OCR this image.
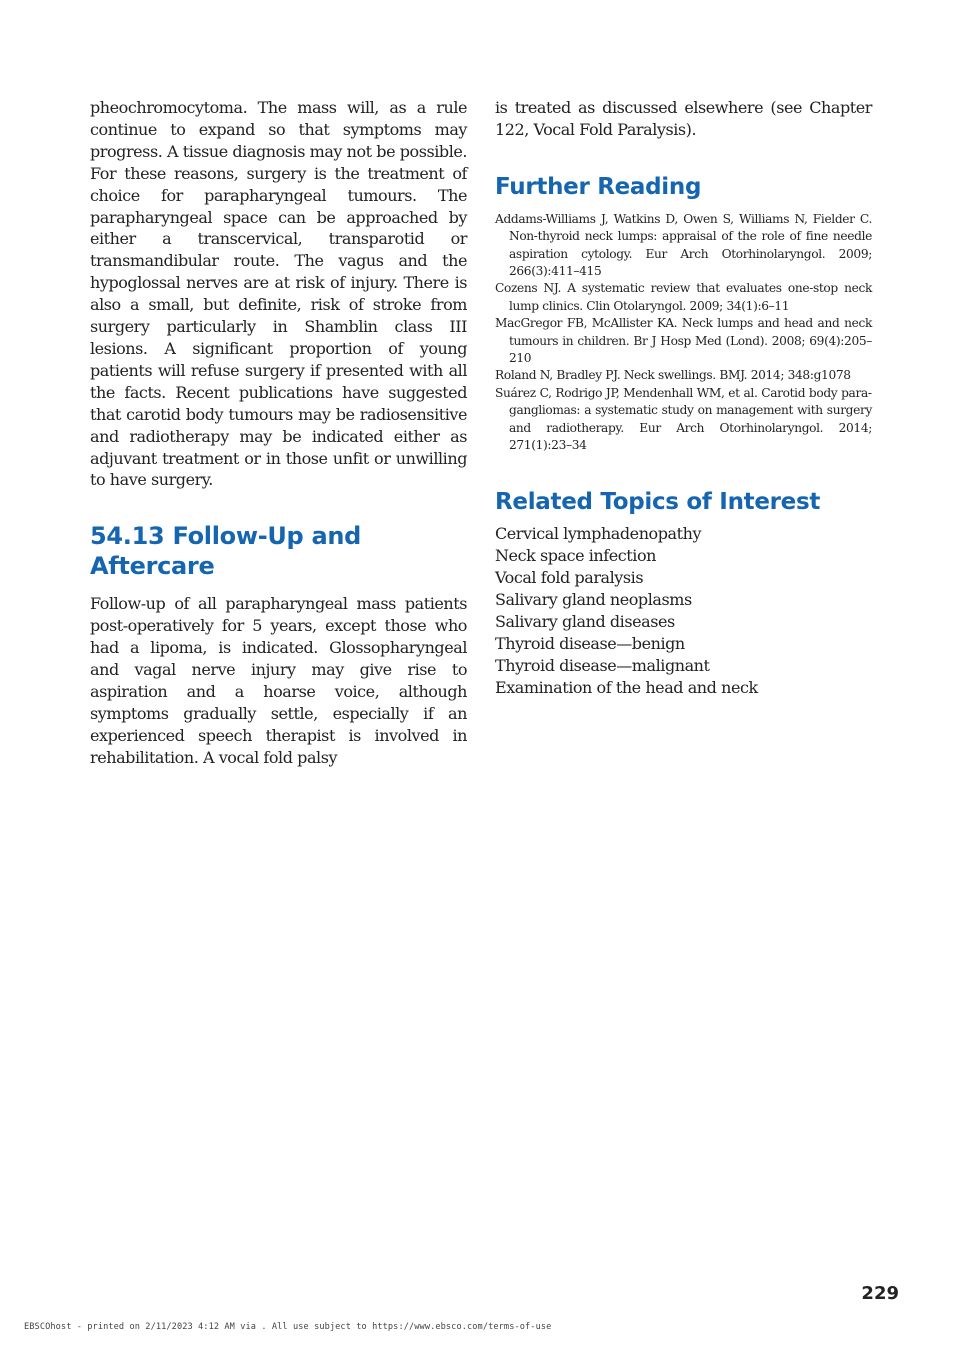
pheochromocytoma. The mass will, as a rule continue to expand so that symptoms may progress. A tissue diagnosis may not be possible. For these reasons, surgery is the treatment of choice for parapharyngeal tumours. The parapharyngeal space can be approached by either a transcervical, transparotid or transmandibular route. The vagus and the hypoglossal nerves are at risk of injury. There is also a small, but definite, risk of stroke from surgery particularly in Shamblin class III lesions. A significant proportion of young patients will refuse surgery if presented with all the facts. Recent publications have suggested that carotid body tumours may be radiosensitive and radiotherapy may be indicated either as adjuvant treatment or in those unfit or unwilling to have surgery.

54.13 Follow-Up and Aftercare

Follow-up of all parapharyngeal mass patients post-operatively for 5 years, except those who had a lipoma, is indicated. Glossopharyngeal and vagal nerve injury may give rise to aspiration and a hoarse voice, although symptoms gradually settle, especially if an experienced speech therapist is involved in rehabilitation. A vocal fold palsy

is treated as discussed elsewhere (see Chapter 122, Vocal Fold Paralysis).

Further Reading
Addams-Williams J, Watkins D, Owen S, Williams N, Fielder C. Non-thyroid neck lumps: appraisal of the role of fine needle aspiration cytology. Eur Arch Otorhinolaryngol. 2009; 266(3):411–415
Cozens NJ. A systematic review that evaluates one-stop neck lump clinics. Clin Otolaryngol. 2009; 34(1):6–11
MacGregor FB, McAllister KA. Neck lumps and head and neck tumours in children. Br J Hosp Med (Lond). 2008; 69(4):205–210
Roland N, Bradley PJ. Neck swellings. BMJ. 2014; 348:g1078
Suárez C, Rodrigo JP, Mendenhall WM, et al. Carotid body paragangliomas: a systematic study on management with surgery and radiotherapy. Eur Arch Otorhinolaryngol. 2014; 271(1):23–34
Related Topics of Interest
Cervical lymphadenopathy
Neck space infection
Vocal fold paralysis
Salivary gland neoplasms
Salivary gland diseases
Thyroid disease—benign
Thyroid disease—malignant
Examination of the head and neck
229
EBSCOhost - printed on 2/11/2023 4:12 AM via . All use subject to https://www.ebsco.com/terms-of-use
